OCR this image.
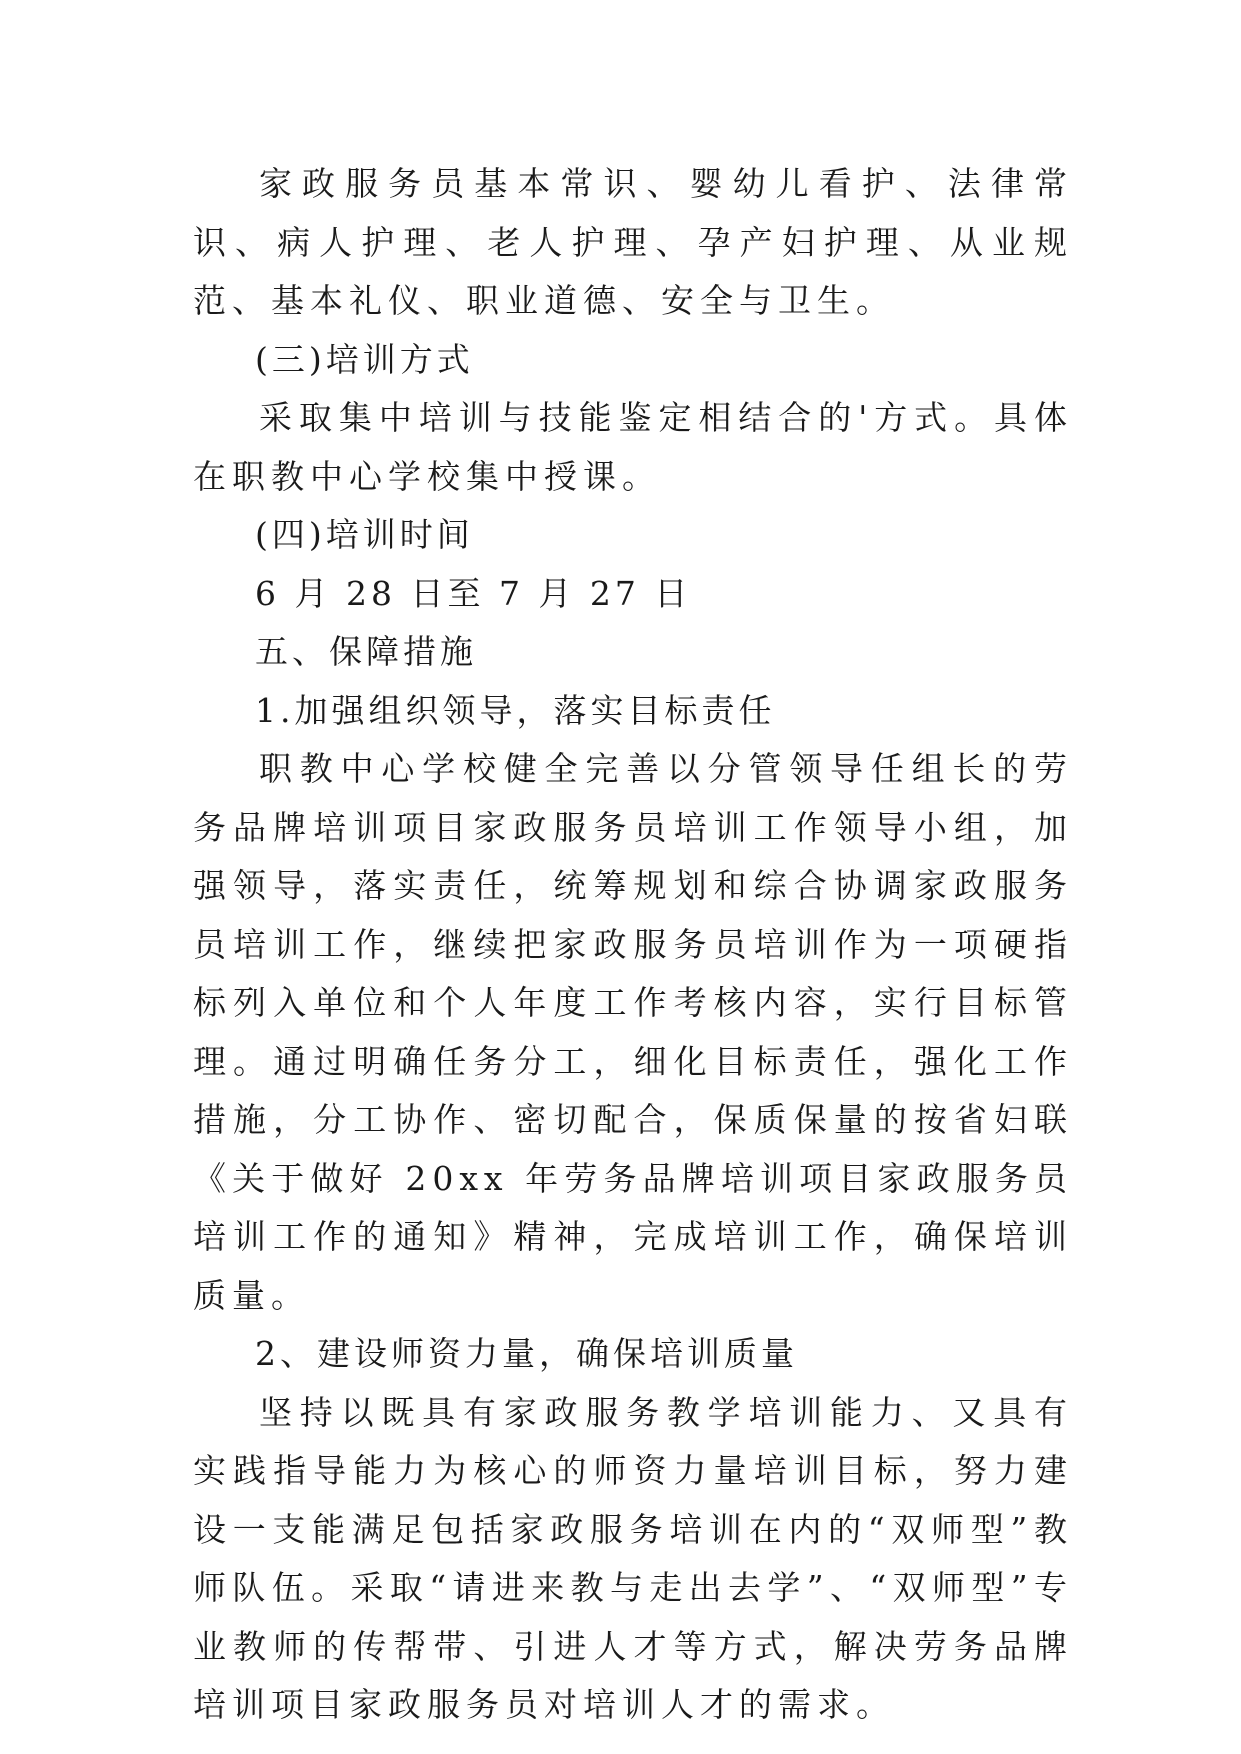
家政服务员基本常识、婴幼儿看护、法律常识、病人护理、老人护理、孕产妇护理、从业规范、基本礼仪、职业道德、安全与卫生。

(三)培训方式

采取集中培训与技能鉴定相结合的'方式。具体在职教中心学校集中授课。

(四)培训时间

6 月 28 日至 7 月 27 日

五、保障措施

1.加强组织领导，落实目标责任

职教中心学校健全完善以分管领导任组长的劳务品牌培训项目家政服务员培训工作领导小组，加强领导，落实责任，统筹规划和综合协调家政服务员培训工作，继续把家政服务员培训作为一项硬指标列入单位和个人年度工作考核内容，实行目标管理。通过明确任务分工，细化目标责任，强化工作措施，分工协作、密切配合，保质保量的按省妇联《关于做好 20xx 年劳务品牌培训项目家政服务员培训工作的通知》精神，完成培训工作，确保培训质量。

2、建设师资力量，确保培训质量

坚持以既具有家政服务教学培训能力、又具有实践指导能力为核心的师资力量培训目标，努力建设一支能满足包括家政服务培训在内的“双师型”教师队伍。采取“请进来教与走出去学”、“双师型”专业教师的传帮带、引进人才等方式，解决劳务品牌培训项目家政服务员对培训人才的需求。
